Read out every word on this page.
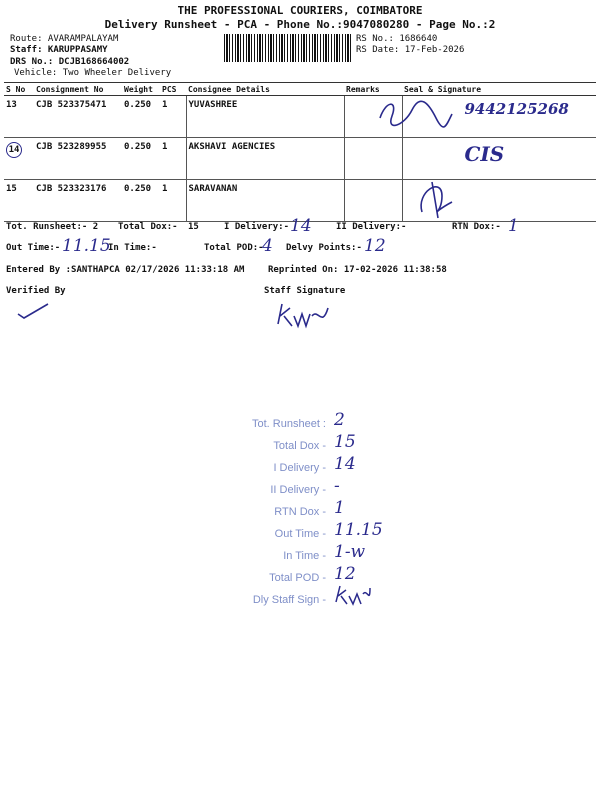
THE PROFESSIONAL COURIERS, COIMBATORE
Delivery Runsheet - PCA - Phone No.:9047080280 - Page No.:2
Route: AVARAMPALAYAM
Staff: KARUPPASAMY
DRS No.: DCJB168664002
Vehicle: Two Wheeler Delivery
RS No.: 1686640
RS Date: 17-Feb-2026
S No	Consignment No	Weight	PCS	Consignee Details	Remarks	Seal & Signature
13	CJB 523375471	0.250	1	YUVASHREE		9442125268
14	CJB 523289955	0.250	1	AKSHAVI AGENCIES		CIS
15	CJB 523323176	0.250	1	SARAVANAN		
Tot. Runsheet:- 2 Total Dox:- 15	I Delivery:- 14	II Delivery:-	RTN Dox:- 1
Out Time:- 11.15
In Time:-	Total POD:-
4 Delvy Points:- 12
Entered By :SANTHAPCA 02/17/2026 11:33:18 AM	Reprinted On: 17-02-2026 11:38:58
Verified By	Staff Signature
Tot. Runsheet : 2
Total Dox - 15
I Delivery - 14
II Delivery - -
RTN Dox - 1
Out Time - 11.15
In Time - 1-w
Total POD - 12
Dly Staff Sign -
